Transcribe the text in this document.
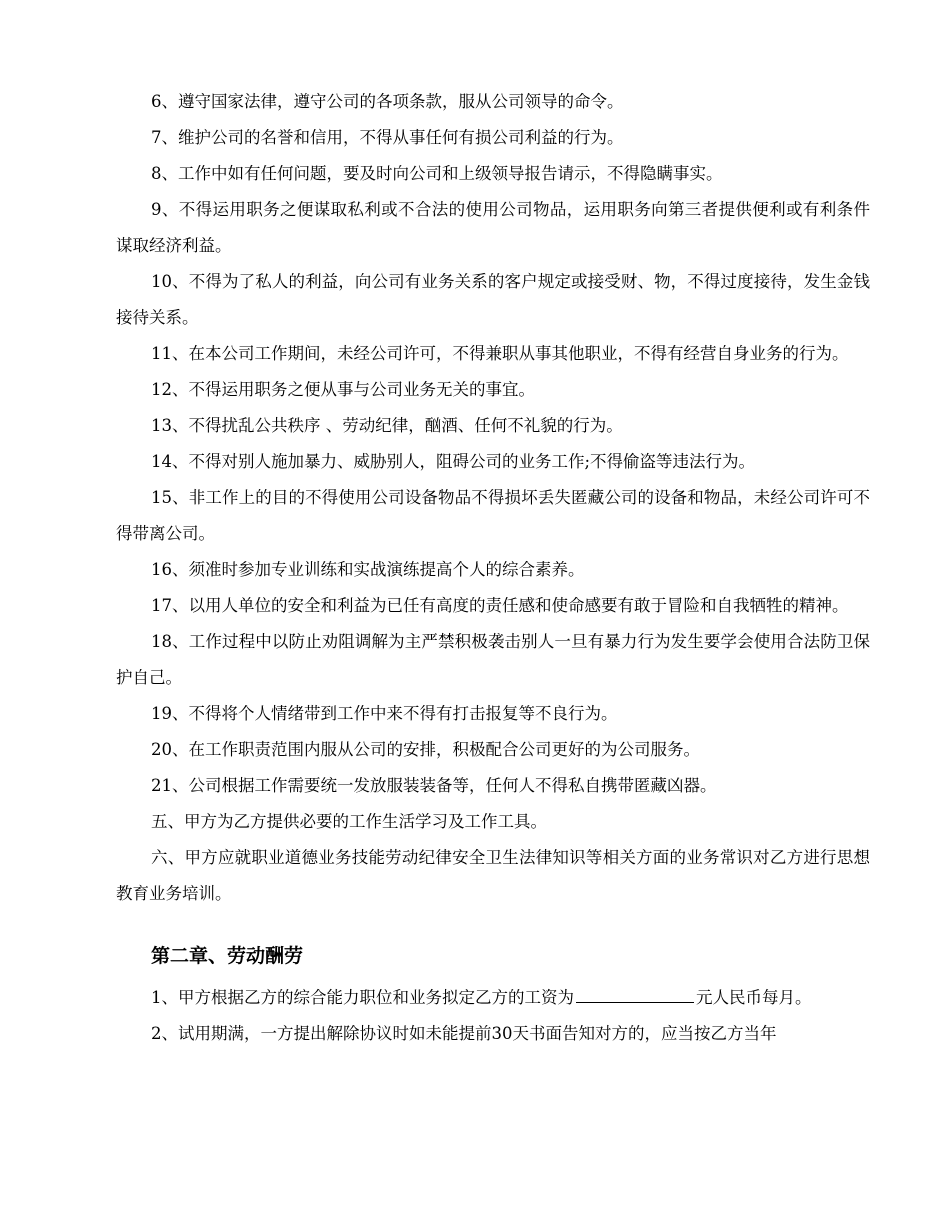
6、遵守国家法律，遵守公司的各项条款，服从公司领导的命令。

7、维护公司的名誉和信用，不得从事任何有损公司利益的行为。

8、工作中如有任何问题，要及时向公司和上级领导报告请示，不得隐瞒事实。

9、不得运用职务之便谋取私利或不合法的使用公司物品，运用职务向第三者提供便利或有利条件谋取经济利益。

10、不得为了私人的利益，向公司有业务关系的客户规定或接受财、物，不得过度接待，发生金钱接待关系。

11、在本公司工作期间，未经公司许可，不得兼职从事其他职业，不得有经营自身业务的行为。

12、不得运用职务之便从事与公司业务无关的事宜。

13、不得扰乱公共秩序 、劳动纪律，酗酒、任何不礼貌的行为。

14、不得对别人施加暴力、威胁别人，阻碍公司的业务工作;不得偷盗等违法行为。

15、非工作上的目的不得使用公司设备物品不得损坏丢失匿藏公司的设备和物品，未经公司许可不得带离公司。

16、须准时参加专业训练和实战演练提高个人的综合素养。

17、以用人单位的安全和利益为已任有高度的责任感和使命感要有敢于冒险和自我牺牲的精神。

18、工作过程中以防止劝阻调解为主严禁积极袭击别人一旦有暴力行为发生要学会使用合法防卫保护自己。

19、不得将个人情绪带到工作中来不得有打击报复等不良行为。

20、在工作职责范围内服从公司的安排，积极配合公司更好的为公司服务。

21、公司根据工作需要统一发放服装装备等，任何人不得私自携带匿藏凶器。

五、甲方为乙方提供必要的工作生活学习及工作工具。

六、甲方应就职业道德业务技能劳动纪律安全卫生法律知识等相关方面的业务常识对乙方进行思想教育业务培训。

第二章、劳动酬劳

1、甲方根据乙方的综合能力职位和业务拟定乙方的工资为	元人民币每月。

2、试用期满，一方提出解除协议时如未能提前30天书面告知对方的，应当按乙方当年
